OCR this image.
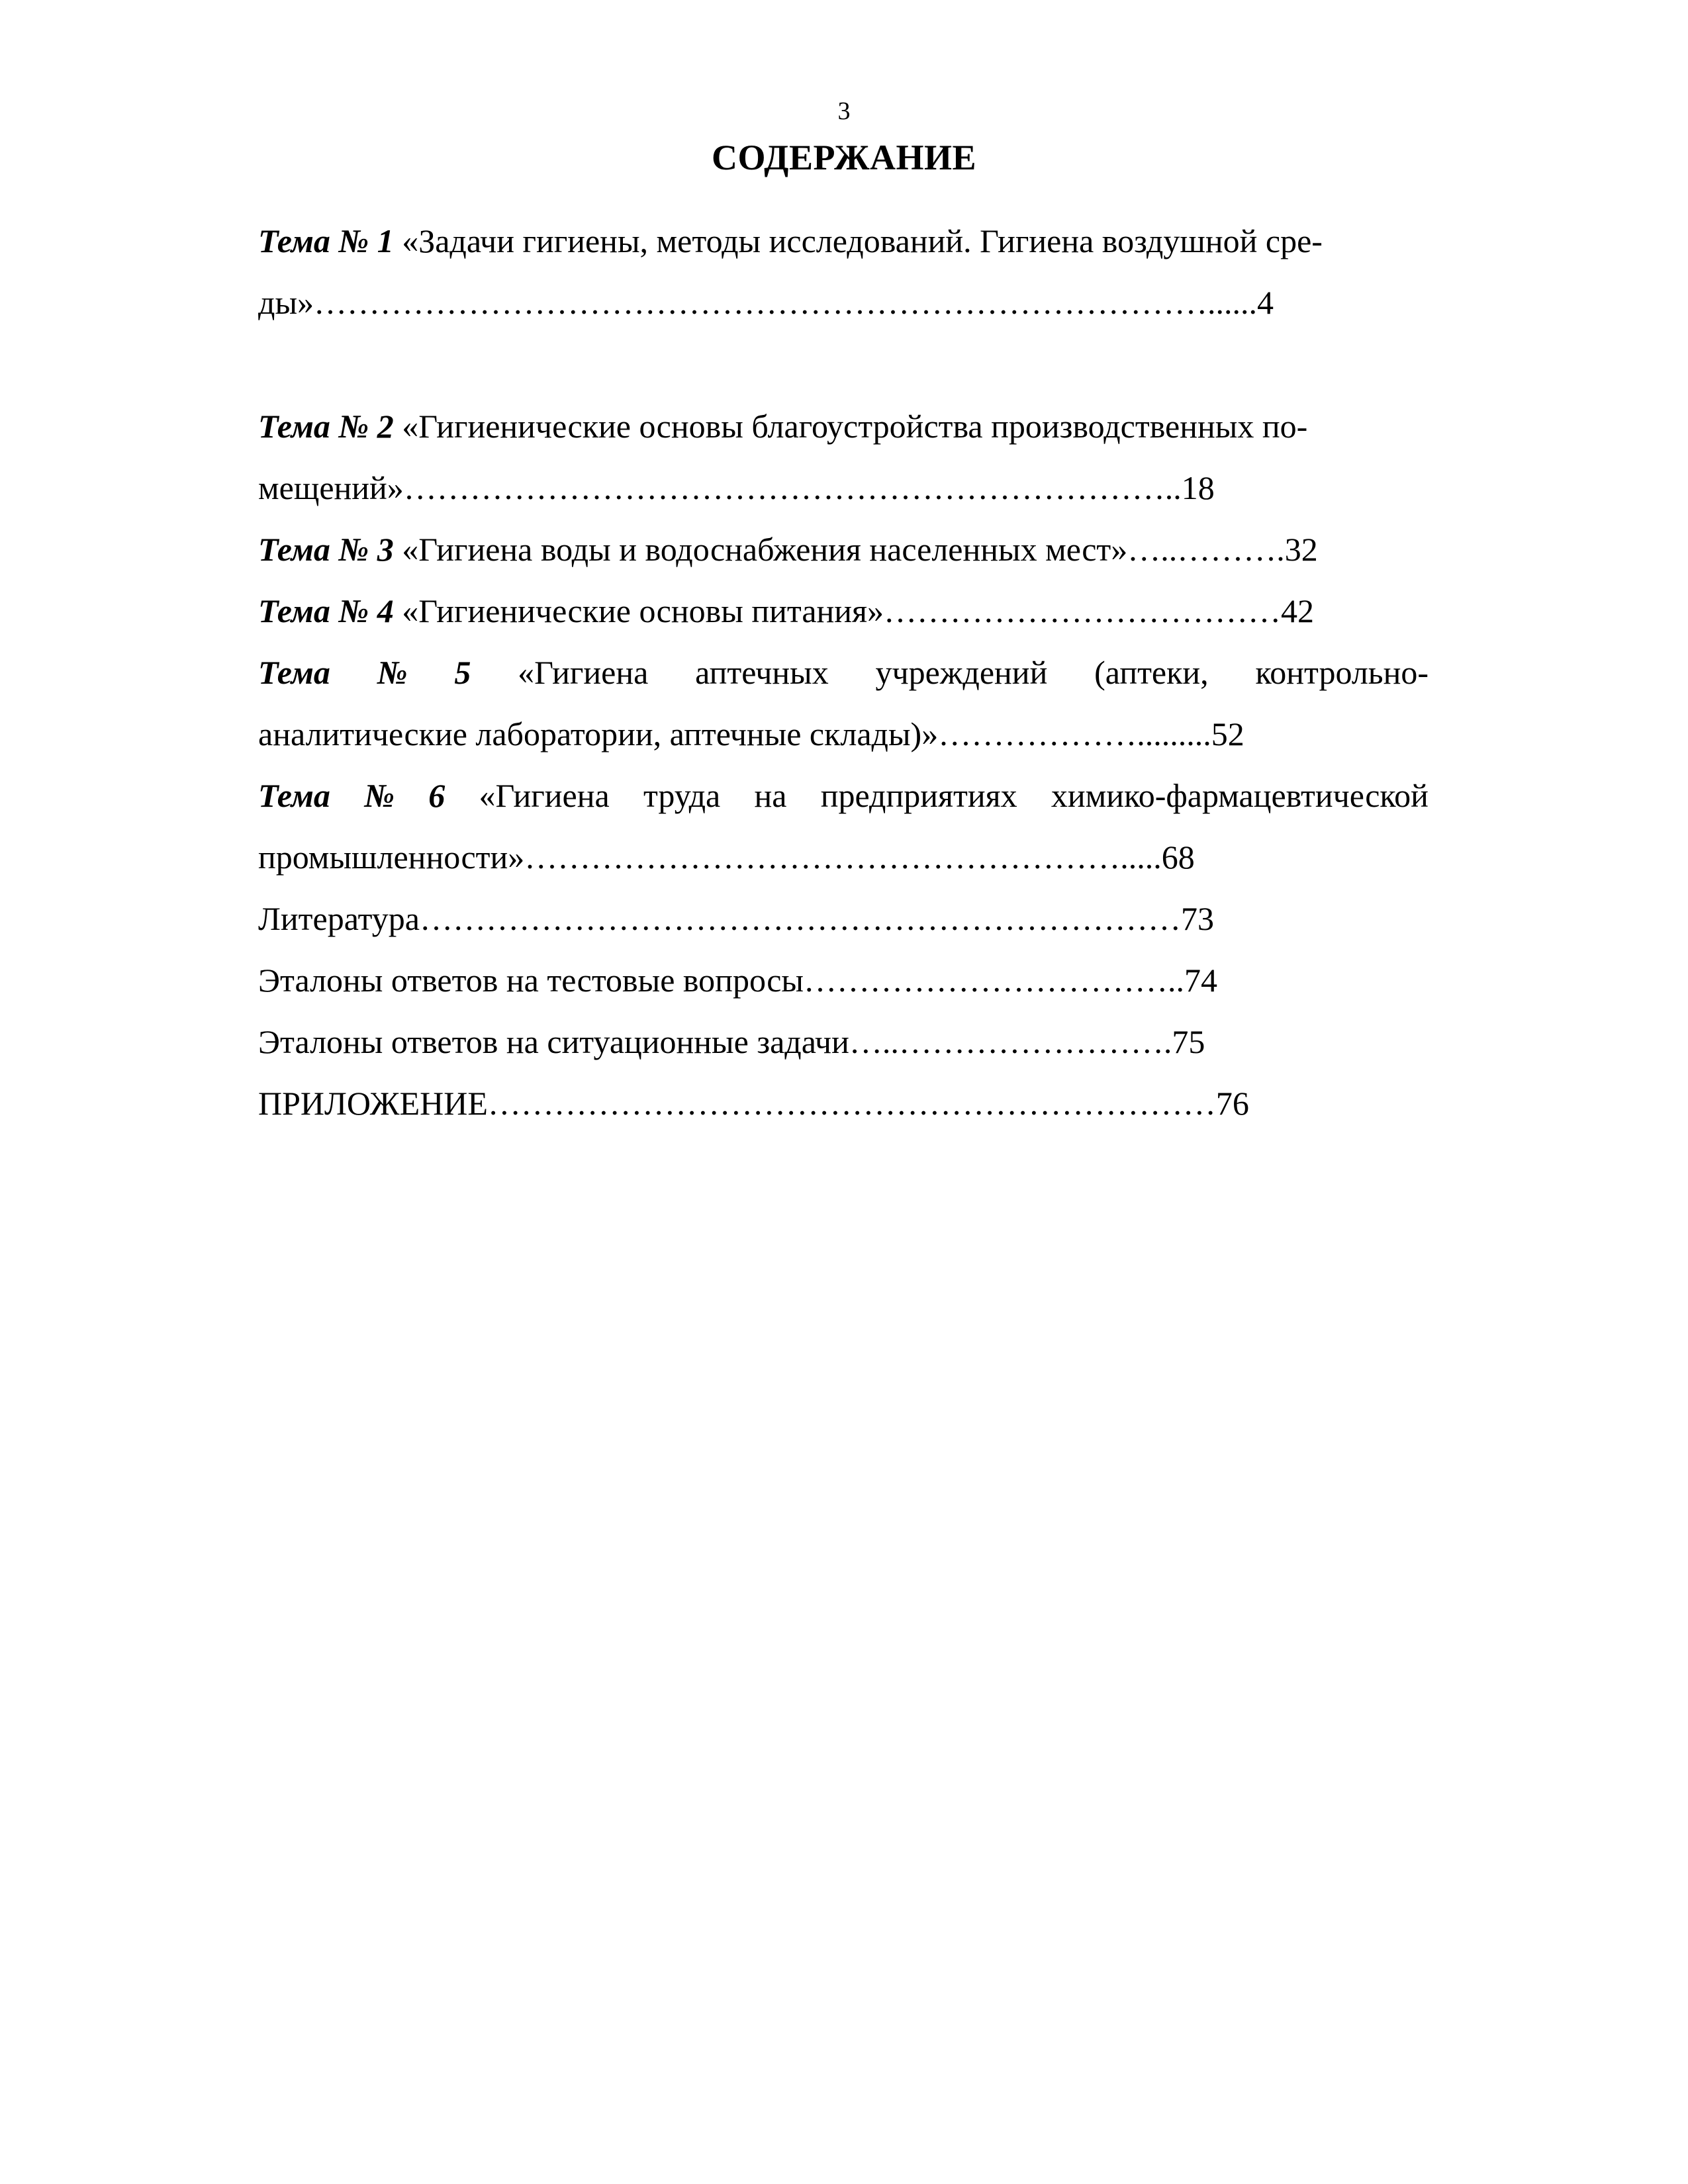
3
СОДЕРЖАНИЕ
Тема № 1 «Задачи гигиены, методы исследований. Гигиена воздушной сре-
ды»………………………………………………………………………......4
Тема № 2 «Гигиенические основы благоустройства производственных по-
мещений»……………………………………………………………..18
Тема № 3 «Гигиена воды и водоснабжения населенных мест»…..……….32
Тема № 4 «Гигиенические основы питания»………………………………42
Тема № 5 «Гигиена аптечных учреждений (аптеки, контрольно-
аналитические лаборатории, аптечные склады)»……………….........52
Тема № 6 «Гигиена труда на предприятиях химико-фармацевтической
промышленности»……………………………………………….....68
Литература……………………………………………………………73
Эталоны ответов на тестовые вопросы……………………………..74
Эталоны ответов на ситуационные задачи…..…………………….75
ПРИЛОЖЕНИЕ…………………………………………………………76
